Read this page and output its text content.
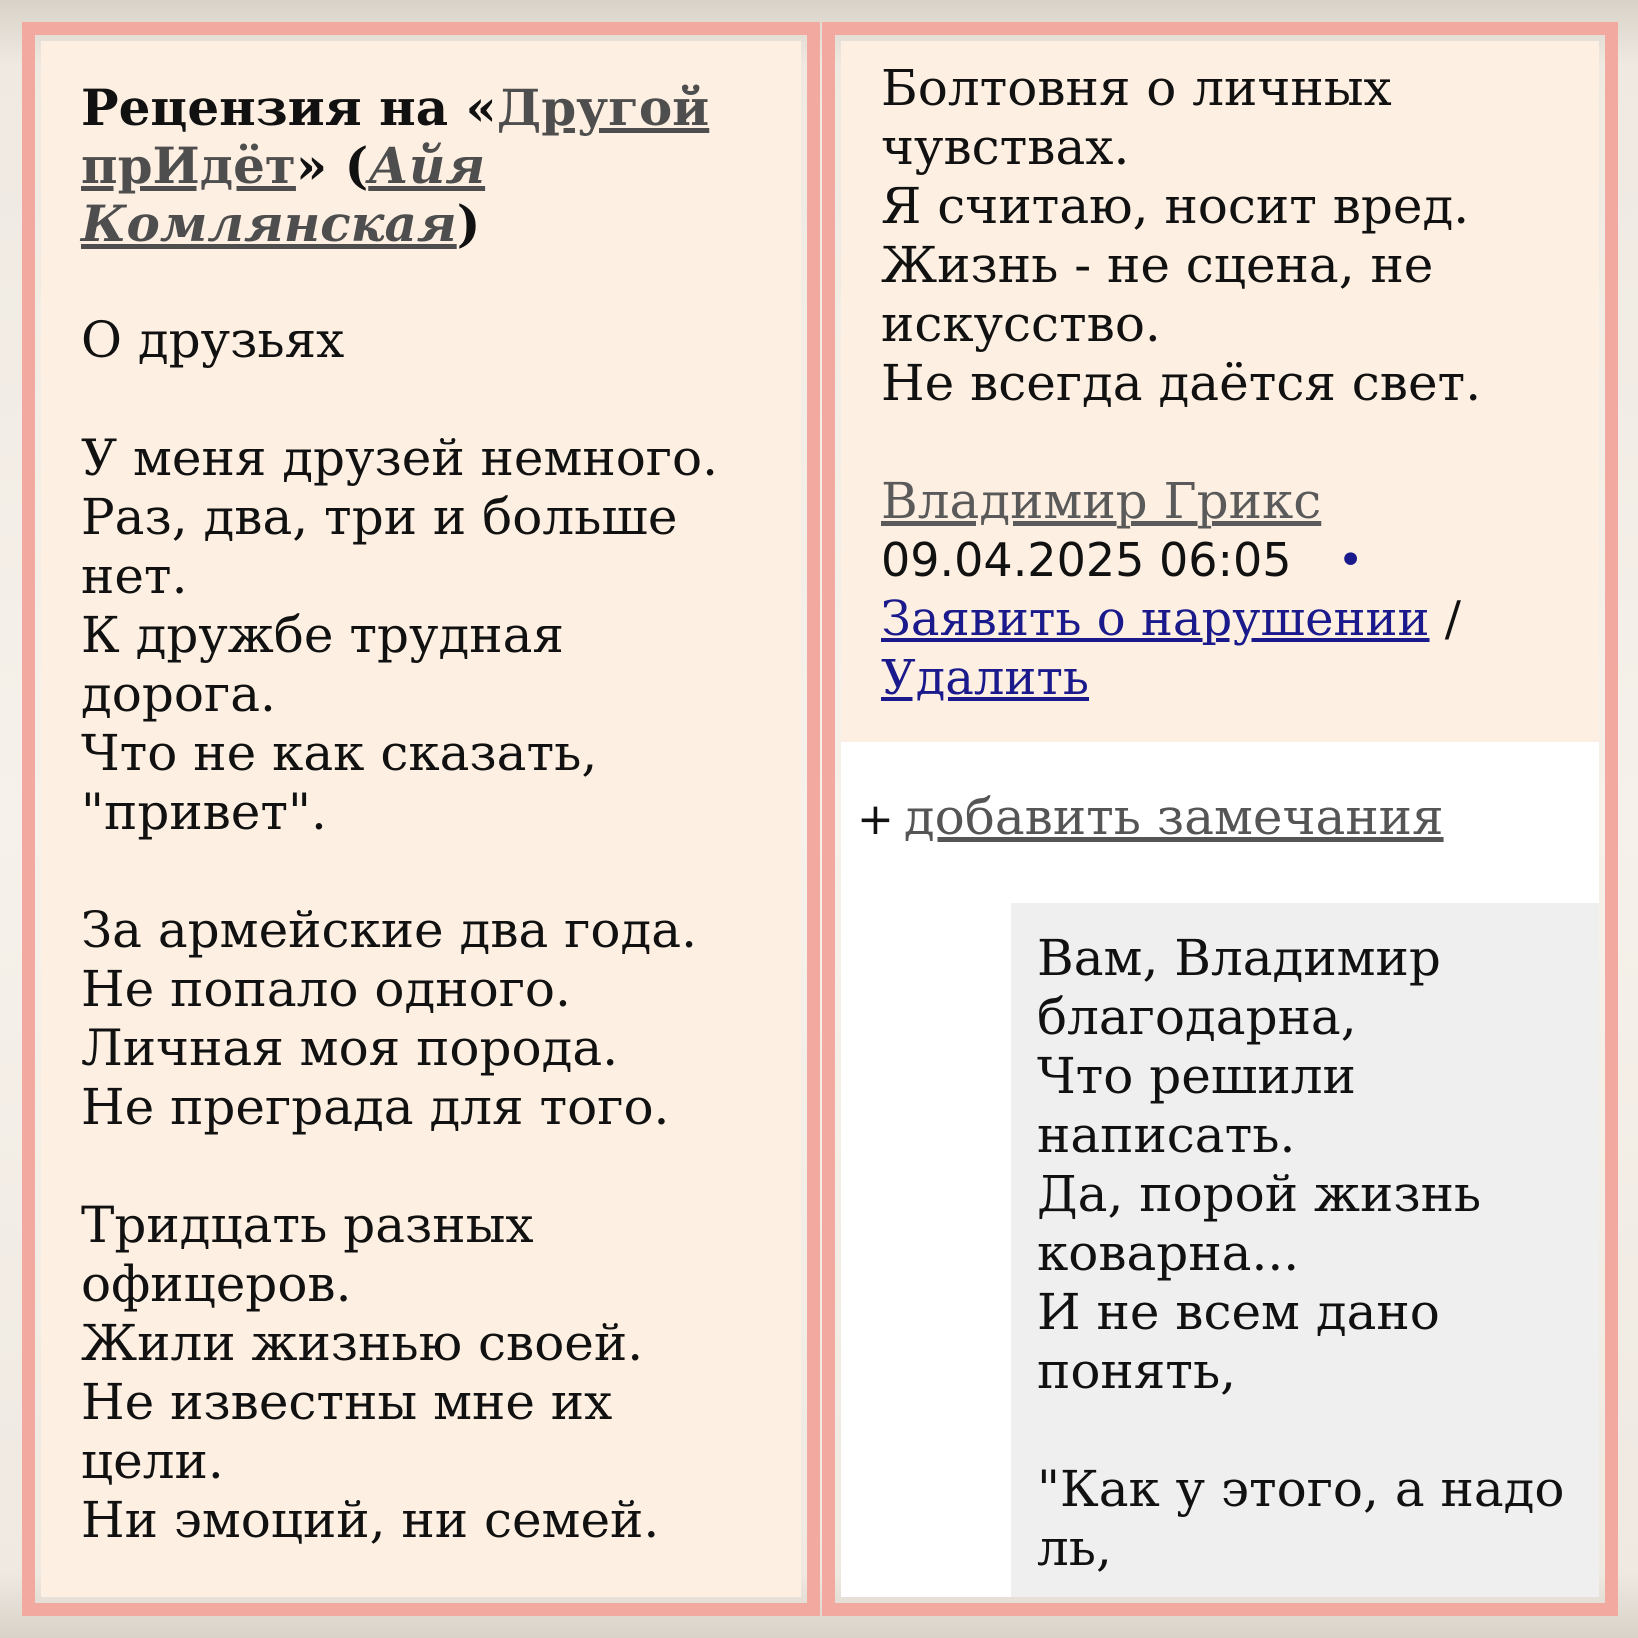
Рецензия на «Другой прИдёт» (Айя Комлянская)
О друзьях
У меня друзей немного.
Раз, два, три и больше
нет.
К дружбе трудная
дорога.
Что не как сказать,
"привет".
За армейские два года.
Не попало одного.
Личная моя порода.
Не преграда для того.
Тридцать разных
офицеров.
Жили жизнью своей.
Не известны мне их
цели.
Ни эмоций, ни семей.
Болтовня о личных
чувствах.
Я считаю, носит вред.
Жизнь - не сцена, не
искусство.
Не всегда даётся свет.
Владимир Грикс
09.04.2025 06:05 •
Заявить о нарушении /
Удалить
+ добавить замечания
Вам, Владимир
благодарна,
Что решили
написать.
Да, порой жизнь
коварна...
И не всем дано
понять,
"Как у этого, а надо
ль,
